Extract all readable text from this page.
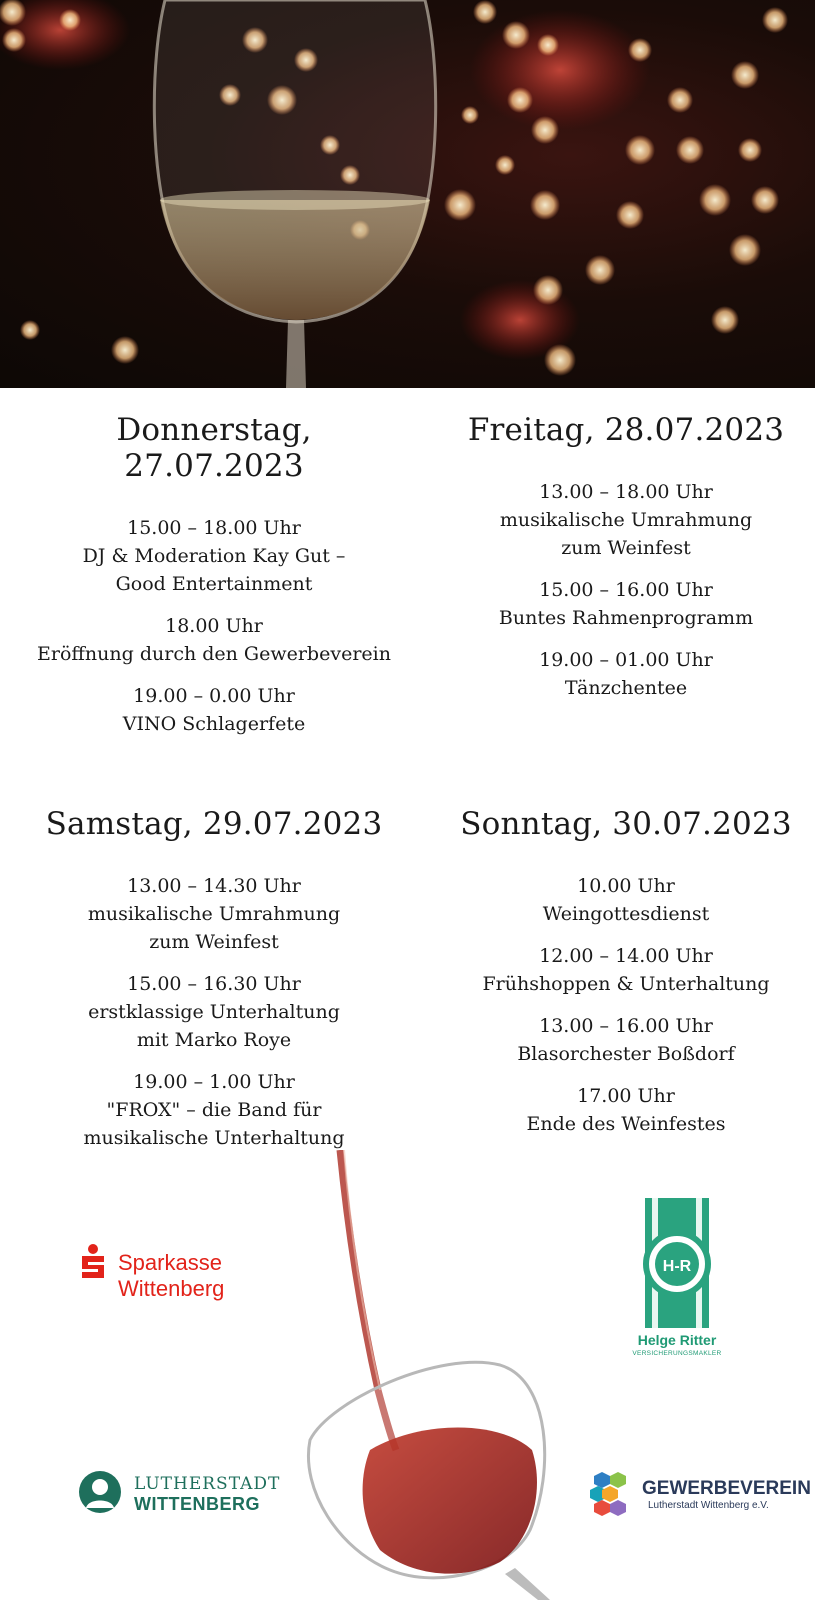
Donnerstag, 27.07.2023
15.00 – 18.00 Uhr
DJ & Moderation Kay Gut –
Good Entertainment
18.00 Uhr
Eröffnung durch den Gewerbeverein
19.00 – 0.00 Uhr
VINO Schlagerfete
Freitag, 28.07.2023
13.00 – 18.00 Uhr
musikalische Umrahmung
zum Weinfest
15.00 – 16.00 Uhr
Buntes Rahmenprogramm
19.00 – 01.00 Uhr
Tänzchentee
Samstag, 29.07.2023
13.00 – 14.30 Uhr
musikalische Umrahmung
zum Weinfest
15.00 – 16.30 Uhr
erstklassige Unterhaltung
mit Marko Roye
19.00 – 1.00 Uhr
"FROX" – die Band für
musikalische Unterhaltung
Sonntag, 30.07.2023
10.00 Uhr
Weingottesdienst
12.00 – 14.00 Uhr
Frühshoppen & Unterhaltung
13.00 – 16.00 Uhr
Blasorchester Boßdorf
17.00 Uhr
Ende des Weinfestes
Sparkasse
Wittenberg
H-R
Helge Ritter
VERSICHERUNGSMAKLER
LUTHERSTADT
WITTENBERG
GEWERBEVEREIN
Lutherstadt Wittenberg e.V.
